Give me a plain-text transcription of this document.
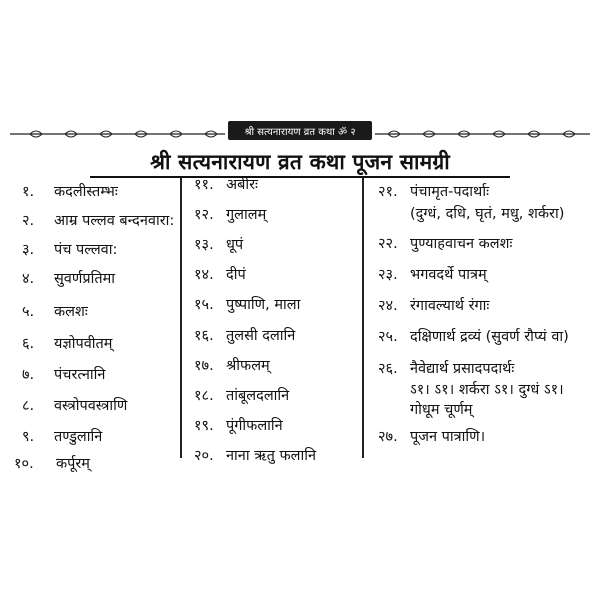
श्री सत्यनारायण व्रत कथा ॐ २
श्री सत्यनारायण व्रत कथा पूजन सामग्री
१. कदलीस्तम्भः
२. आम्र पल्लव बन्दनवारा:
३. पंच पल्लवा:
४. सुवर्णप्रतिमा
५. कलशः
६. यज्ञोपवीतम्
७. पंचरत्नानि
८. वस्त्रोपवस्त्राणि
९. तण्डुलानि
१०. कर्पूरम्
११. अबीरः
१२. गुलालम्
१३. धूपं
१४. दीपं
१५. पुष्पाणि, माला
१६. तुलसी दलानि
१७. श्रीफलम्
१८. तांबूलदलानि
१९. पूंगीफलानि
२०. नाना ऋतु फलानि
२१. पंचामृत-पदार्थाः
(दुग्धं, दधि, घृतं, मधु, शर्करा)
२२. पुण्याहवाचन कलशः
२३. भगवदर्थे पात्रम्
२४. रंगावल्यार्थ रंगाः
२५. दक्षिणार्थ द्रव्यं (सुवर्ण रौप्यं वा)
२६. नैवेद्यार्थ प्रसादपदार्थः
ऽ१। ऽ१। शर्करा ऽ१। दुग्धं ऽ१।
गोधूम चूर्णम्
२७. पूजन पात्राणि।
